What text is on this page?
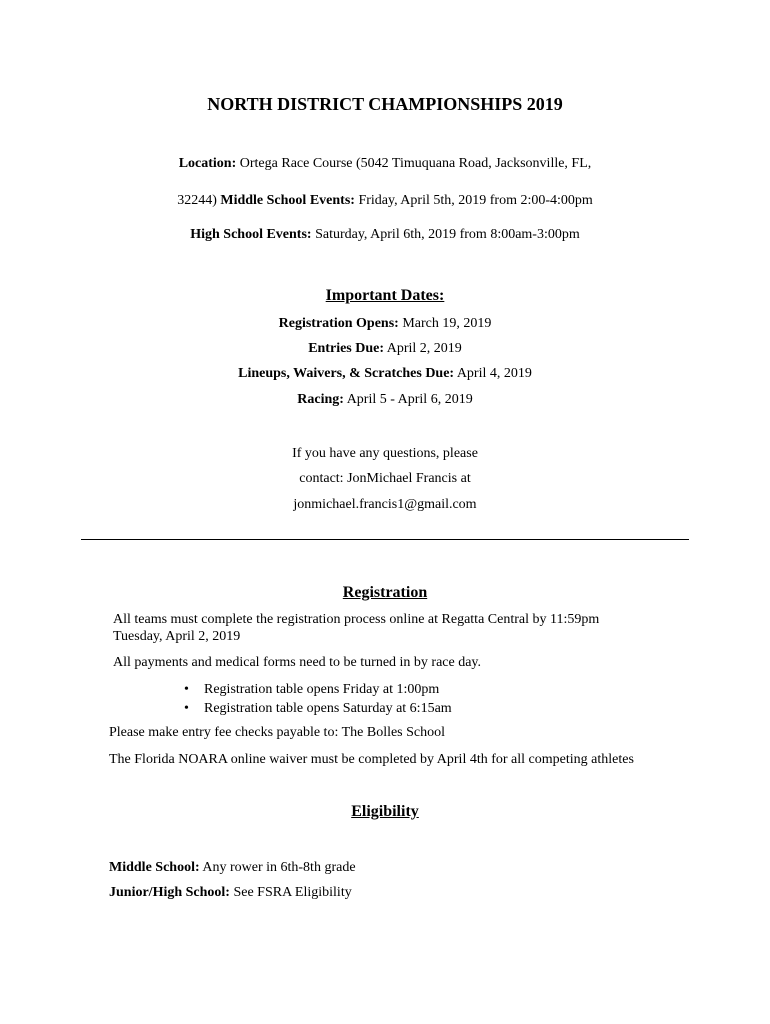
NORTH DISTRICT CHAMPIONSHIPS 2019
Location: Ortega Race Course (5042 Timuquana Road, Jacksonville, FL,
32244) Middle School Events: Friday, April 5th, 2019 from 2:00-4:00pm
High School Events: Saturday, April 6th, 2019 from 8:00am-3:00pm
Important Dates:
Registration Opens: March 19, 2019
Entries Due: April 2, 2019
Lineups, Waivers, & Scratches Due: April 4, 2019
Racing: April 5 - April 6, 2019
If you have any questions, please
contact: JonMichael Francis at
jonmichael.francis1@gmail.com
Registration
All teams must complete the registration process online at Regatta Central by 11:59pm
Tuesday, April 2, 2019
All payments and medical forms need to be turned in by race day.
• Registration table opens Friday at 1:00pm
• Registration table opens Saturday at 6:15am
Please make entry fee checks payable to: The Bolles School
The Florida NOARA online waiver must be completed by April 4th for all competing athletes
Eligibility
Middle School: Any rower in 6th-8th grade
Junior/High School: See FSRA Eligibility
